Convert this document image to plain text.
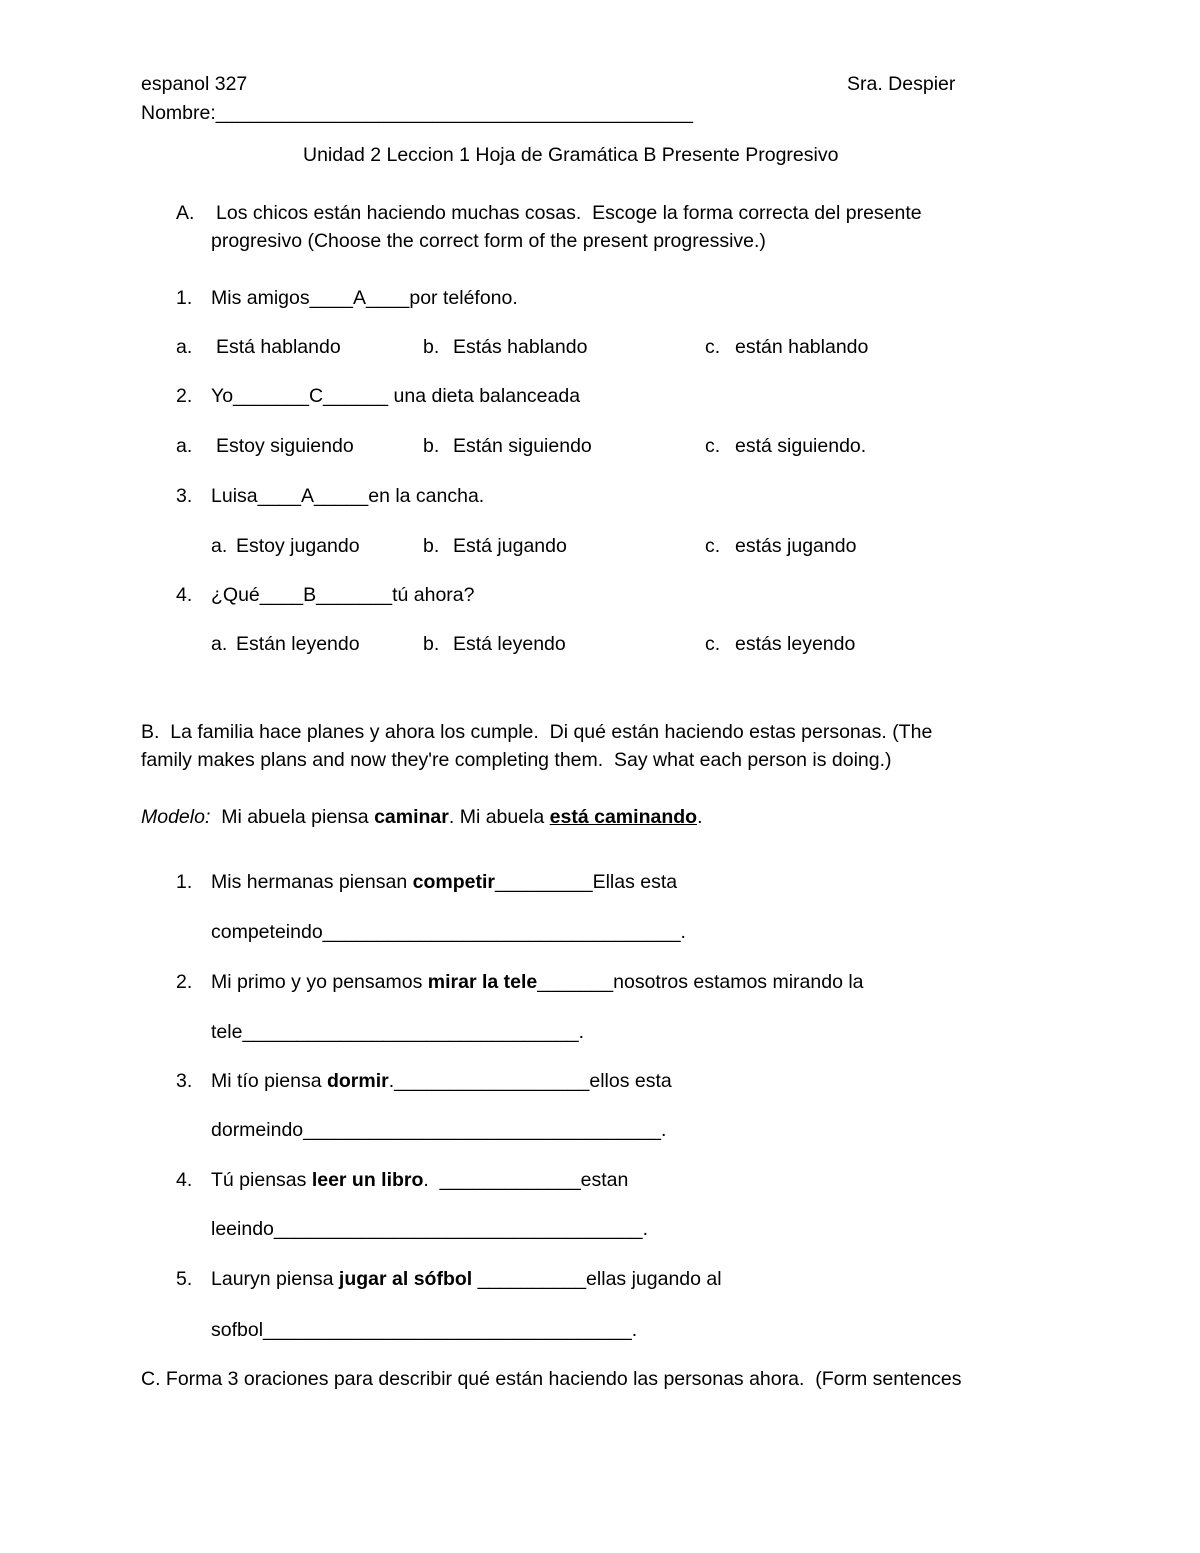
espanol 327	Sra. Despier
Nombre:____________________________________________
Unidad 2 Leccion 1 Hoja de Gramática B Presente Progresivo
A. Los chicos están haciendo muchas cosas.  Escoge la forma correcta del presente
progresivo (Choose the correct form of the present progressive.)
1. Mis amigos____A____por teléfono.
a. Está hablando	b. Estás hablando	c. están hablando
2. Yo_______C______ una dieta balanceada
a. Estoy siguiendo	b. Están siguiendo	c. está siguiendo.
3. Luisa____A_____en la cancha.
a. Estoy jugando	b. Está jugando	c. estás jugando
4. ¿Qué____B_______tú ahora?
a. Están leyendo	b. Está leyendo	c. estás leyendo
B.  La familia hace planes y ahora los cumple.  Di qué están haciendo estas personas. (The
family makes plans and now they're completing them.  Say what each person is doing.)
Modelo:  Mi abuela piensa caminar. Mi abuela está caminando.
1. Mis hermanas piensan competir_________Ellas esta
competeindo_________________________________.
2. Mi primo y yo pensamos mirar la tele_______nosotros estamos mirando la
tele_______________________________.
3. Mi tío piensa dormir.__________________ellos esta
dormeindo_________________________________.
4. Tú piensas leer un libro.  _____________estan
leeindo__________________________________.
5. Lauryn piensa jugar al sófbol __________ellas jugando al
sofbol__________________________________.
C. Forma 3 oraciones para describir qué están haciendo las personas ahora.  (Form sentences
